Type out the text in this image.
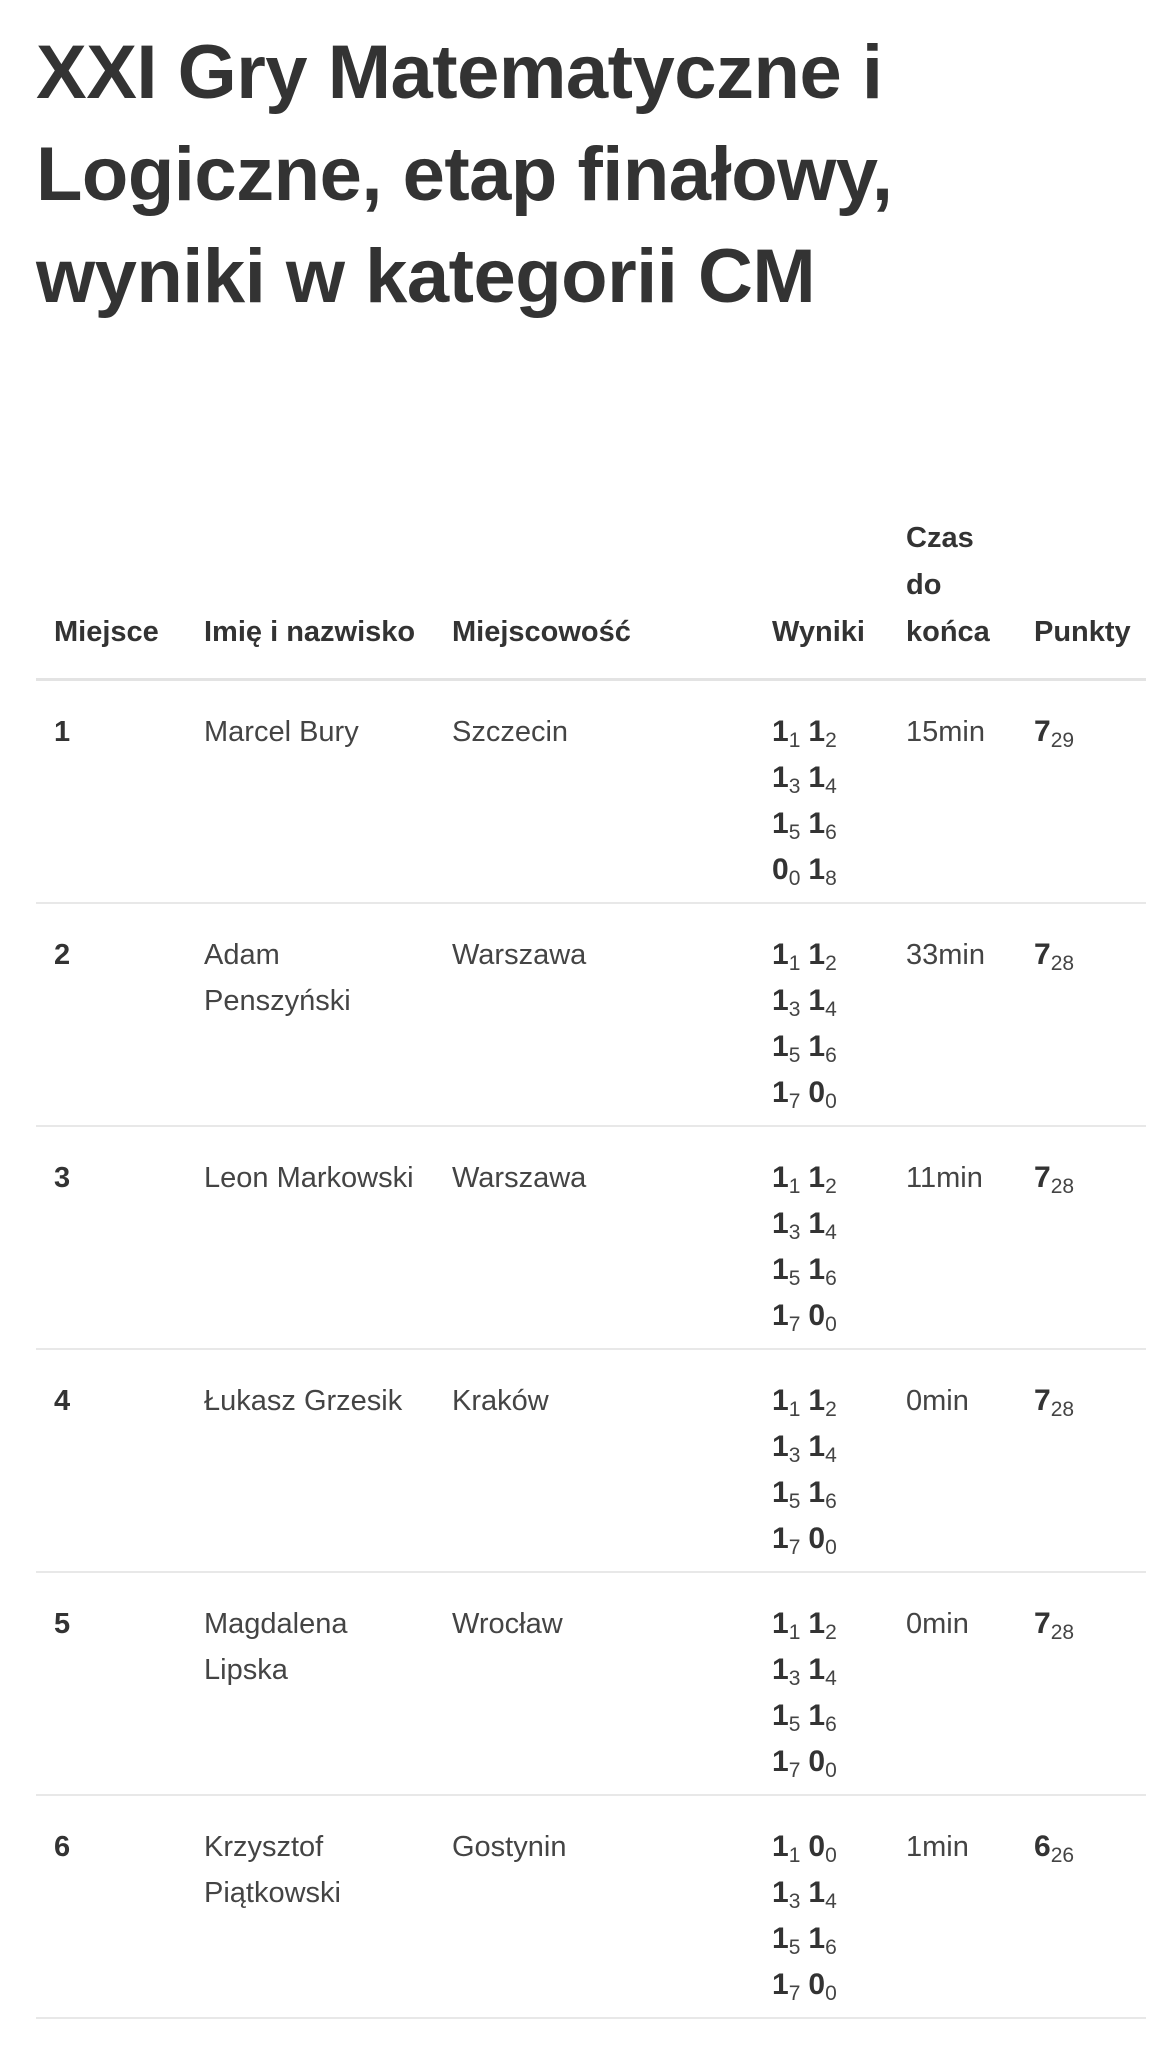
XXI Gry Matematyczne i Logiczne, etap finałowy, wyniki w kategorii CM
Miejsce	Imię i nazwisko	Miejscowość	Wyniki	Czas do końca	Punkty
1	Marcel Bury	Szczecin	$1_1$ $1_2$
$1_3$ $1_4$
$1_5$ $1_6$
$0_0$ $1_8$	15min	$7_{29}$
2	Adam Penszyński	Warszawa	$1_1$ $1_2$
$1_3$ $1_4$
$1_5$ $1_6$
$1_7$ $0_0$	33min	$7_{28}$
3	Leon Markowski	Warszawa	$1_1$ $1_2$
$1_3$ $1_4$
$1_5$ $1_6$
$1_7$ $0_0$	11min	$7_{28}$
4	Łukasz Grzesik	Kraków	$1_1$ $1_2$
$1_3$ $1_4$
$1_5$ $1_6$
$1_7$ $0_0$	0min	$7_{28}$
5	Magdalena Lipska	Wrocław	$1_1$ $1_2$
$1_3$ $1_4$
$1_5$ $1_6$
$1_7$ $0_0$	0min	$7_{28}$
6	Krzysztof Piątkowski	Gostynin	$1_1$ $0_0$
$1_3$ $1_4$
$1_5$ $1_6$
$1_7$ $0_0$	1min	$6_{26}$
